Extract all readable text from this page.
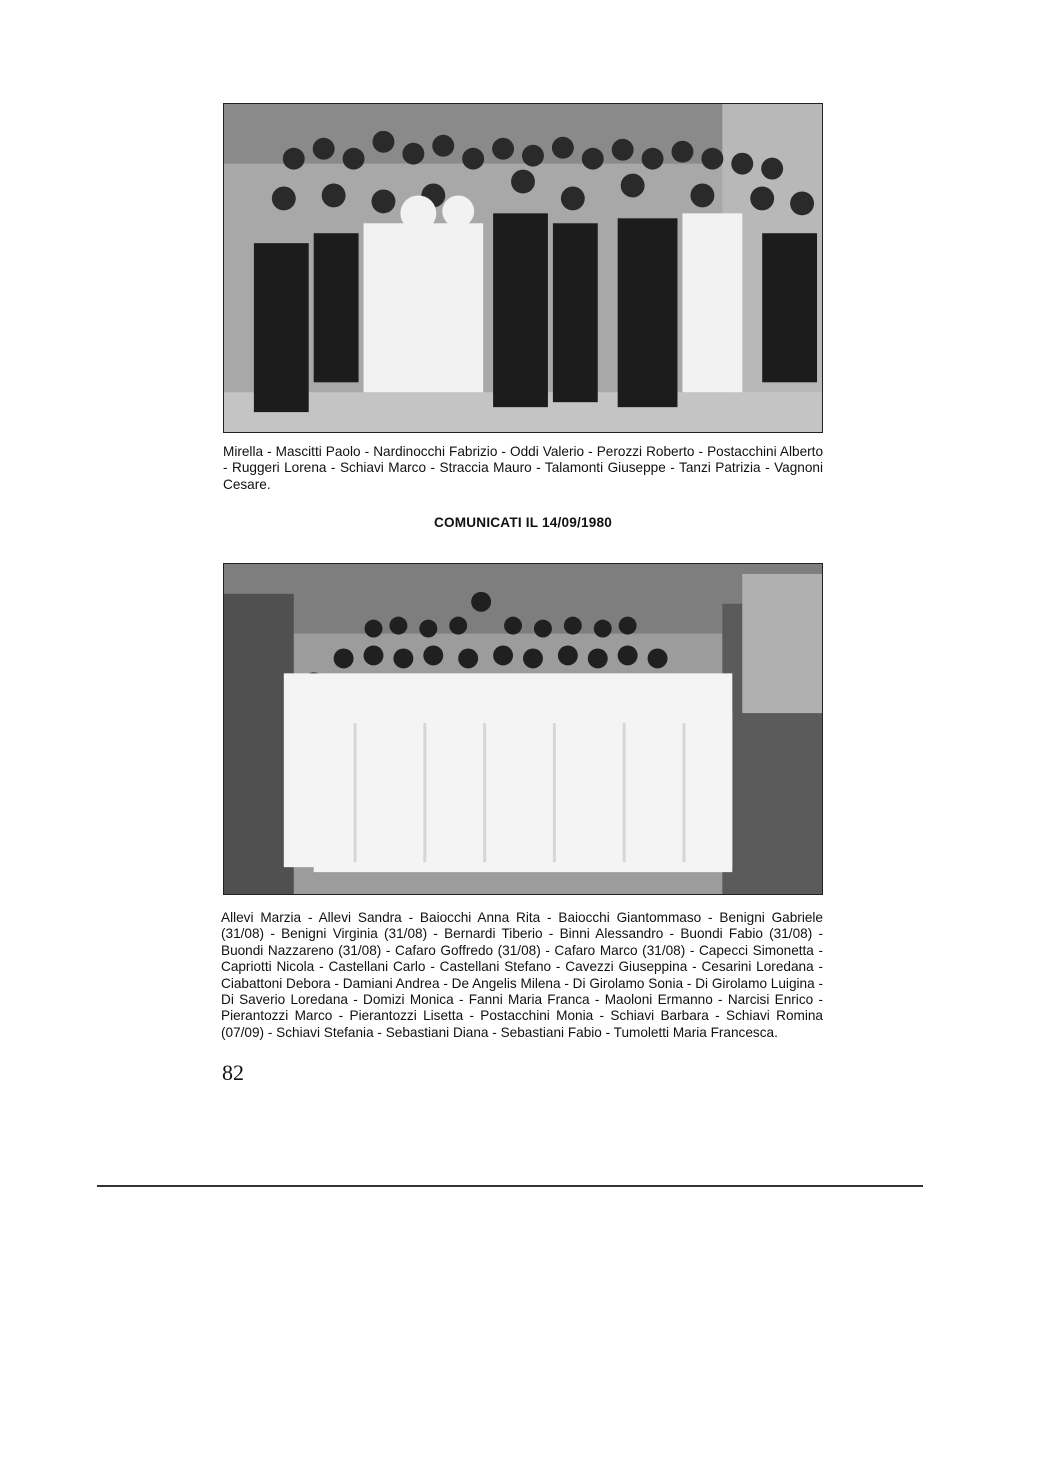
Mirella - Mascitti Paolo - Nardinocchi Fabrizio - Oddi Valerio - Perozzi Roberto - Postacchini Alberto - Ruggeri Lorena - Schiavi Marco - Straccia Mauro - Talamonti Giuseppe - Tanzi Patrizia - Vagnoni Cesare.
COMUNICATI IL 14/09/1980
Allevi Marzia - Allevi Sandra - Baiocchi Anna Rita - Baiocchi Giantommaso - Benigni Gabriele (31/08) - Benigni Virginia (31/08) - Bernardi Tiberio - Binni Alessandro - Buondi Fabio (31/08) - Buondi Nazzareno (31/08) - Cafaro Goffredo (31/08) - Cafaro Marco (31/08) - Capecci Simonetta - Capriotti Nicola - Castellani Carlo - Castellani Stefano - Cavezzi Giuseppina - Cesarini Loredana - Ciabattoni Debora - Damiani Andrea - De Angelis Milena - Di Girolamo Sonia - Di Girolamo Luigina - Di Saverio Loredana - Domizi Monica - Fanni Maria Franca - Maoloni Ermanno - Narcisi Enrico - Pierantozzi Marco - Pierantozzi Lisetta - Postacchini Monia - Schiavi Barbara - Schiavi Romina (07/09) - Schiavi Stefania - Sebastiani Diana - Sebastiani Fabio - Tumoletti Maria Francesca.
82
